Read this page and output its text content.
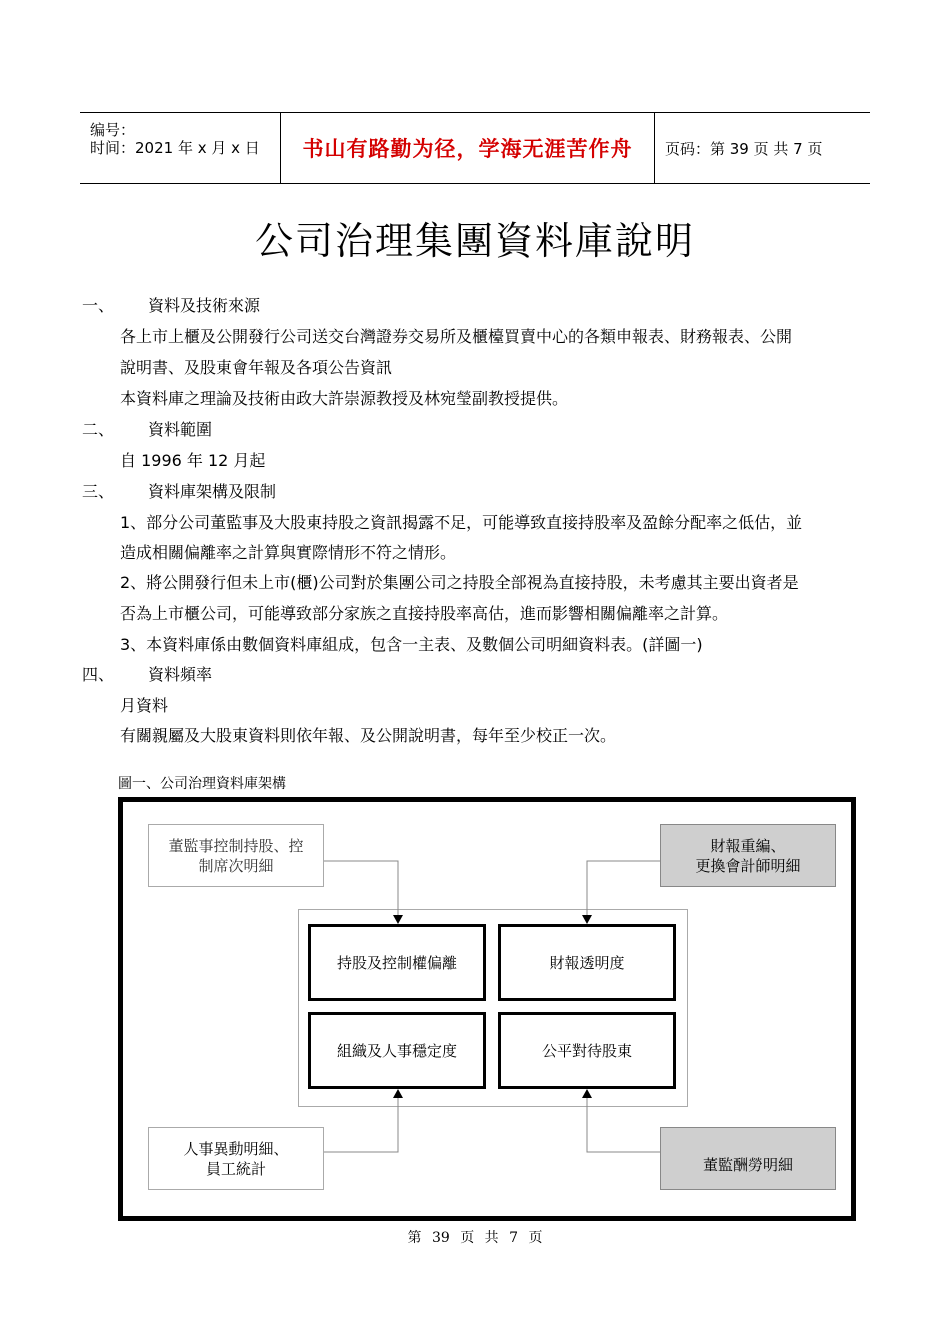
编号：
时间：2021 年 x 月 x 日 书山有路勤为径，学海无涯苦作舟 页码：第 39 页 共 7 页
公司治理集團資料庫說明
一、 資料及技術來源
各上市上櫃及公開發行公司送交台灣證券交易所及櫃檯買賣中心的各類申報表、財務報表、公開
說明書、及股東會年報及各項公告資訊
本資料庫之理論及技術由政大許崇源教授及林宛瑩副教授提供。
二、 資料範圍
自 1996 年 12 月起
三、 資料庫架構及限制
1、部分公司董監事及大股東持股之資訊揭露不足，可能導致直接持股率及盈餘分配率之低估，並
造成相關偏離率之計算與實際情形不符之情形。
2、將公開發行但未上市(櫃)公司對於集團公司之持股全部視為直接持股，未考慮其主要出資者是
否為上市櫃公司，可能導致部分家族之直接持股率高估，進而影響相關偏離率之計算。
3、本資料庫係由數個資料庫組成，包含一主表、及數個公司明細資料表。(詳圖一)
四、 資料頻率
月資料
有關親屬及大股東資料則依年報、及公開說明書，每年至少校正一次。
圖一、公司治理資料庫架構
董監事控制持股、控
制席次明細
財報重編、
更換會計師明細
人事異動明細、
員工統計	董監酬勞明細
持股及控制權偏離	財報透明度
組織及人事穩定度	公平對待股東
第 39 页 共 7 页
